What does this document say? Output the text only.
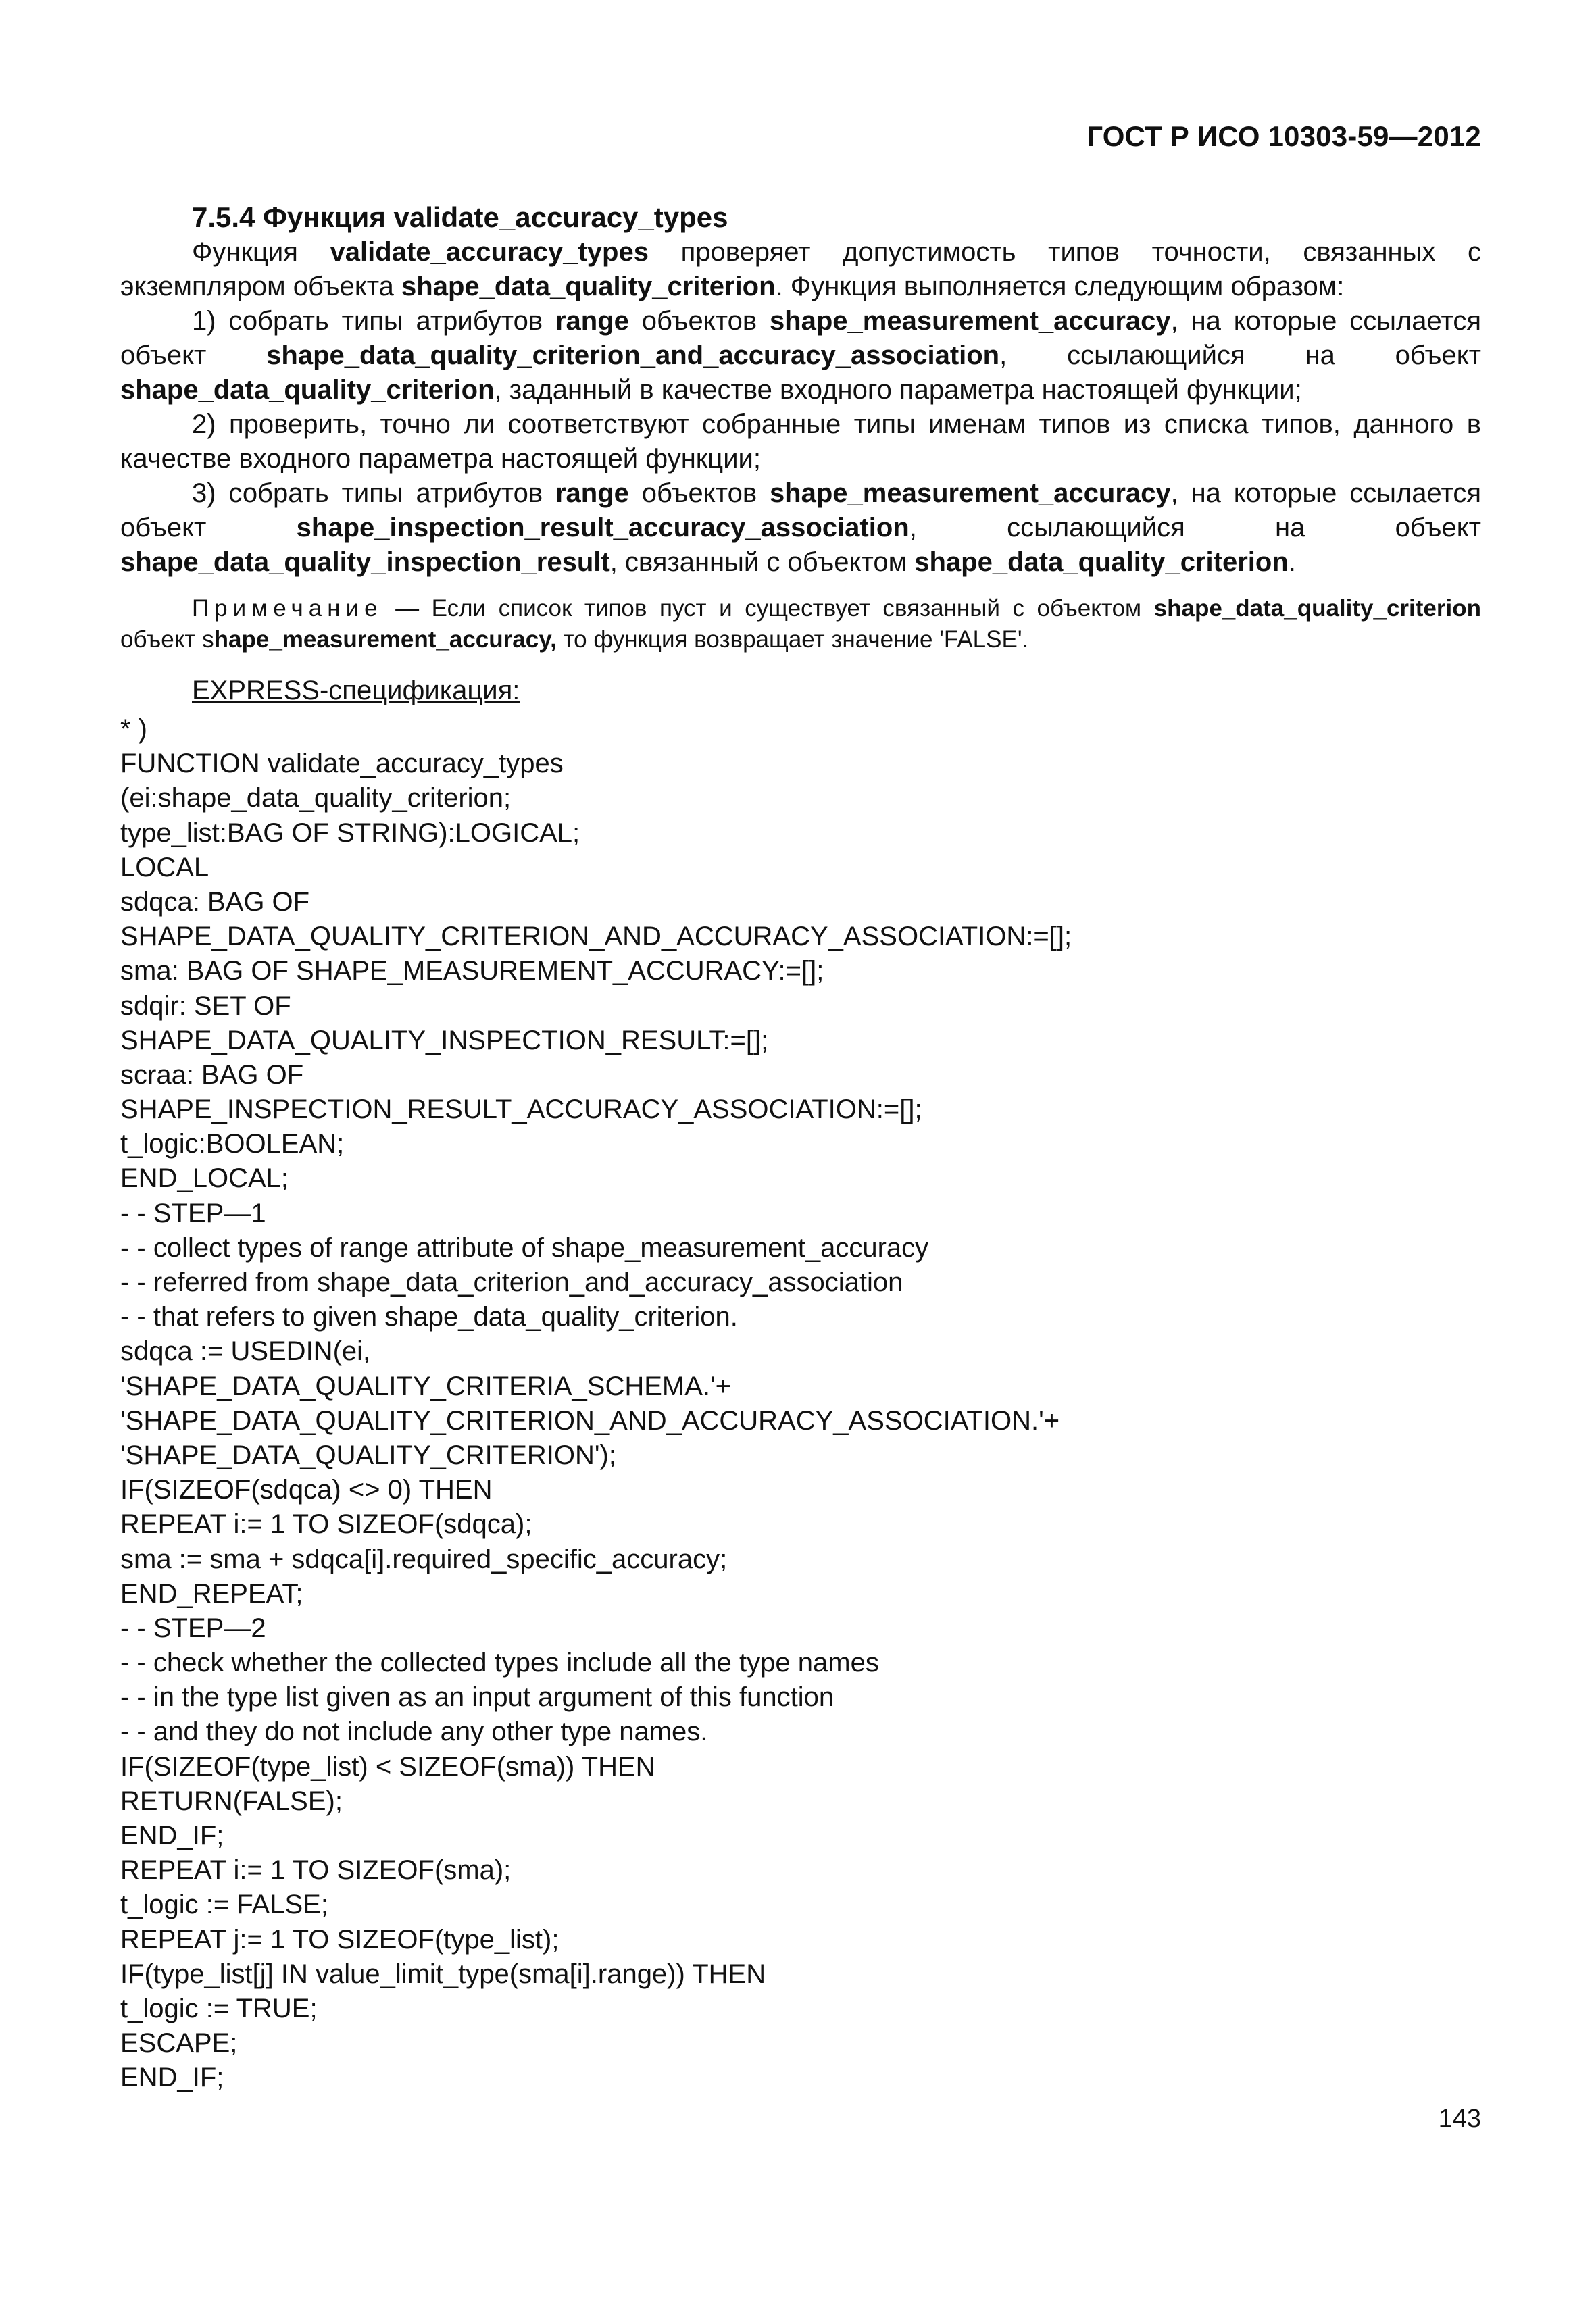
ГОСТ Р ИСО 10303-59—2012
7.5.4 Функция validate_accuracy_types

Функция validate_accuracy_types проверяет допустимость типов точности, связанных с экземпляром объекта shape_data_quality_criterion. Функция выполняется следующим образом:

1) собрать типы атрибутов range объектов shape_measurement_accuracy, на которые ссылается объект shape_data_quality_criterion_and_accuracy_association, ссылающийся на объект shape_data_quality_criterion, заданный в качестве входного параметра настоящей функции;

2) проверить, точно ли соответствуют собранные типы именам типов из списка типов, данного в качестве входного параметра настоящей функции;

3) собрать типы атрибутов range объектов shape_measurement_accuracy, на которые ссылается объект shape_inspection_result_accuracy_association, ссылающийся на объект shape_data_quality_inspection_result, связанный с объектом shape_data_quality_criterion.

Примечание — Если список типов пуст и существует связанный с объектом shape_data_quality_criterion объект shape_measurement_accuracy, то функция возвращает значение 'FALSE'.

EXPRESS-спецификация:
* )
FUNCTION validate_accuracy_types
(ei:shape_data_quality_criterion;
type_list:BAG OF STRING):LOGICAL;
LOCAL
sdqca: BAG OF
SHAPE_DATA_QUALITY_CRITERION_AND_ACCURACY_ASSOCIATION:=[];
sma: BAG OF SHAPE_MEASUREMENT_ACCURACY:=[];
sdqir: SET OF
SHAPE_DATA_QUALITY_INSPECTION_RESULT:=[];
scraa: BAG OF
SHAPE_INSPECTION_RESULT_ACCURACY_ASSOCIATION:=[];
t_logic:BOOLEAN;
END_LOCAL;
- - STEP—1
- - collect types of range attribute of shape_measurement_accuracy
- - referred from shape_data_criterion_and_accuracy_association
- - that refers to given shape_data_quality_criterion.
sdqca := USEDIN(ei,
'SHAPE_DATA_QUALITY_CRITERIA_SCHEMA.'+
'SHAPE_DATA_QUALITY_CRITERION_AND_ACCURACY_ASSOCIATION.'+
'SHAPE_DATA_QUALITY_CRITERION');
IF(SIZEOF(sdqca) <> 0) THEN
REPEAT i:= 1 TO SIZEOF(sdqca);
sma := sma + sdqca[i].required_specific_accuracy;
END_REPEAT;
- - STEP—2
- - check whether the collected types include all the type names
- - in the type list given as an input argument of this function
- - and they do not include any other type names.
IF(SIZEOF(type_list) < SIZEOF(sma)) THEN
RETURN(FALSE);
END_IF;
REPEAT i:= 1 TO SIZEOF(sma);
t_logic := FALSE;
REPEAT j:= 1 TO SIZEOF(type_list);
IF(type_list[j] IN value_limit_type(sma[i].range)) THEN
t_logic := TRUE;
ESCAPE;
END_IF;
143
